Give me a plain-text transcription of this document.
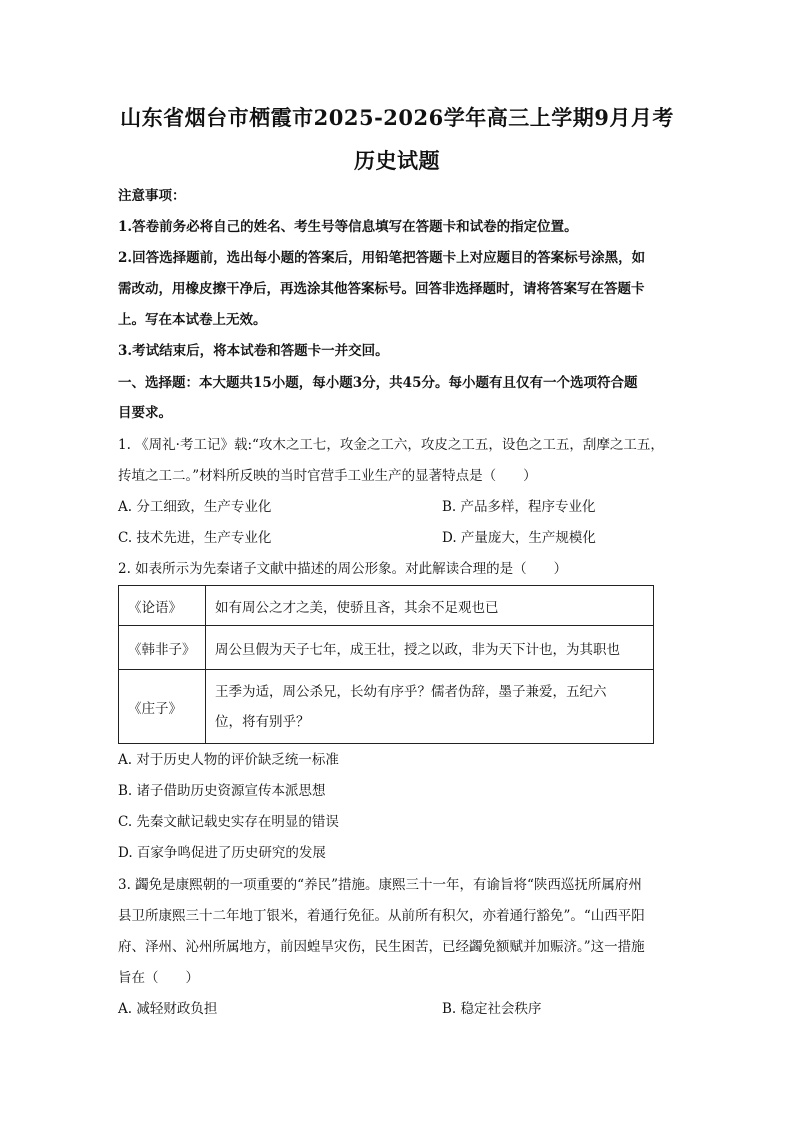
山东省烟台市栖霞市2025-2026学年高三上学期9月月考
历史试题
注意事项：
1.答卷前务必将自己的姓名、考生号等信息填写在答题卡和试卷的指定位置。
2.回答选择题前，选出每小题的答案后，用铅笔把答题卡上对应题目的答案标号涂黑，如
需改动，用橡皮擦干净后，再选涂其他答案标号。回答非选择题时，请将答案写在答题卡
上。写在本试卷上无效。
3.考试结束后，将本试卷和答题卡一并交回。
一、选择题：本大题共15小题，每小题3分，共45分。每小题有且仅有一个选项符合题
目要求。
1. 《周礼·考工记》载:“攻木之工七，攻金之工六，攻皮之工五，设色之工五，刮摩之工五，
抟埴之工二。”材料所反映的当时官营手工业生产的显著特点是（　　）
A. 分工细致，生产专业化	B. 产品多样，程序专业化
C. 技术先进，生产专业化	D. 产量庞大，生产规模化
2. 如表所示为先秦诸子文献中描述的周公形象。对此解读合理的是（　　）
《论语》	如有周公之才之美，使骄且吝，其余不足观也已
《韩非子》	周公旦假为天子七年，成王壮，授之以政，非为天下计也，为其职也
《庄子》	王季为适，周公杀兄，长幼有序乎？儒者伪辞，墨子兼爱，五纪六
位，将有别乎？
A. 对于历史人物的评价缺乏统一标准
B. 诸子借助历史资源宣传本派思想
C. 先秦文献记载史实存在明显的错误
D. 百家争鸣促进了历史研究的发展
3. 蠲免是康熙朝的一项重要的“养民”措施。康熙三十一年，有谕旨将“陕西巡抚所属府州
县卫所康熙三十二年地丁银米，着通行免征。从前所有积欠，亦着通行豁免”。“山西平阳
府、泽州、沁州所属地方，前因蝗旱灾伤，民生困苦，已经蠲免额赋并加赈济。”这一措施
旨在（　　）
A. 减轻财政负担	B. 稳定社会秩序
